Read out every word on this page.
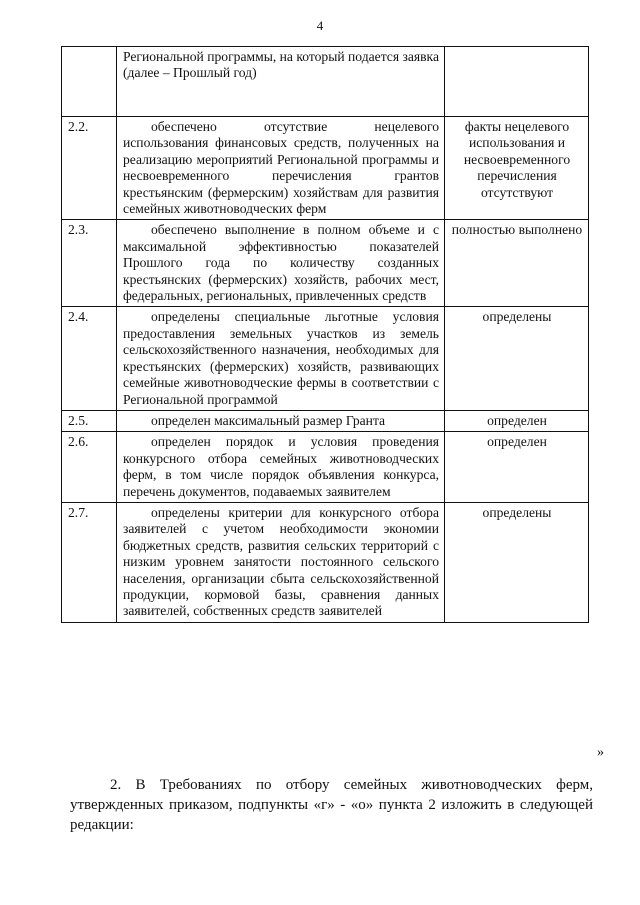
4
	Региональной программы, на который подается заявка (далее – Прошлый год)	
2.2.	обеспечено отсутствие нецелевого использования финансовых средств, полученных на реализацию мероприятий Региональной программы и несвоевременного перечисления грантов крестьянским (фермерским) хозяйствам для развития семейных животноводческих ферм	факты нецелевого использования и несвоевременного перечисления отсутствуют
2.3.	обеспечено выполнение в полном объеме и с максимальной эффективностью показателей Прошлого года по количеству созданных крестьянских (фермерских) хозяйств, рабочих мест, федеральных, региональных, привлеченных средств	полностью выполнено
2.4.	определены специальные льготные условия предоставления земельных участков из земель сельскохозяйственного назначения, необходимых для крестьянских (фермерских) хозяйств, развивающих семейные животноводческие фермы в соответствии с Региональной программой	определены
2.5.	определен максимальный размер Гранта	определен
2.6.	определен порядок и условия проведения конкурсного отбора семейных животноводческих ферм, в том числе порядок объявления конкурса, перечень документов, подаваемых заявителем	определен
2.7.	определены критерии для конкурсного отбора заявителей с учетом необходимости экономии бюджетных средств, развития сельских территорий с низким уровнем занятости постоянного сельского населения, организации сбыта сельскохозяйственной продукции, кормовой базы, сравнения данных заявителей, собственных средств заявителей	определены
»
2. В Требованиях по отбору семейных животноводческих ферм, утвержденных приказом, подпункты «г» - «о» пункта 2 изложить в следующей редакции:
